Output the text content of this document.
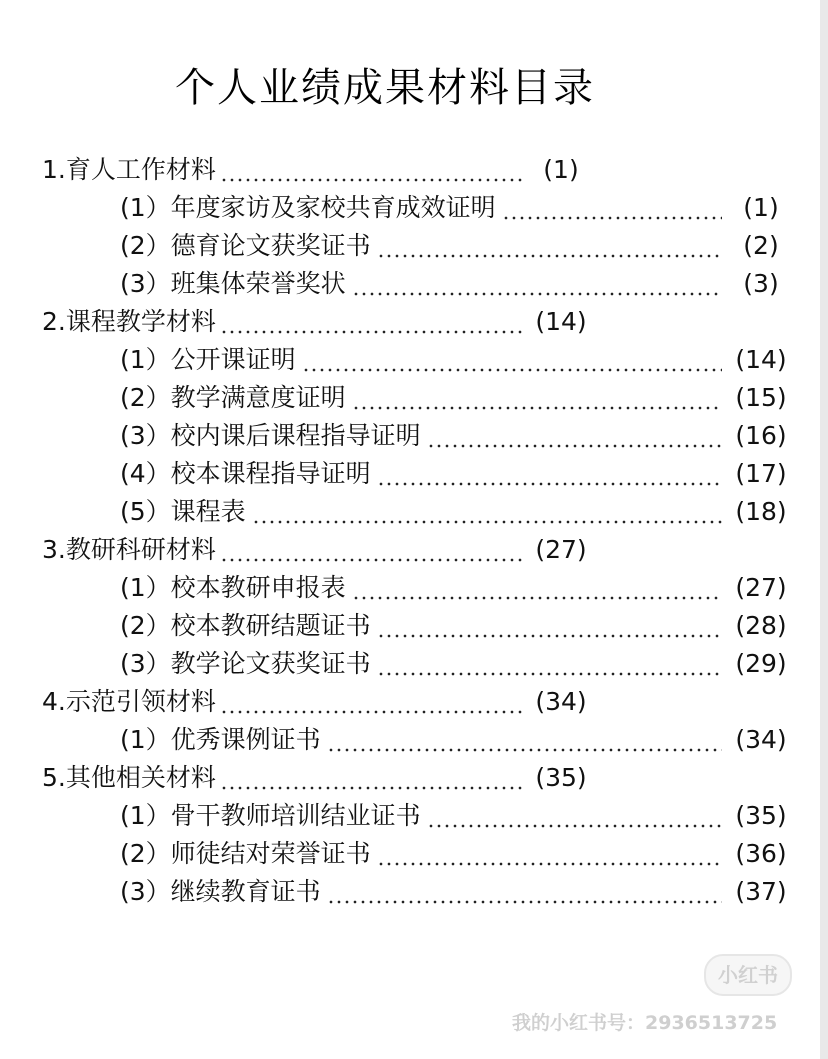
个人业绩成果材料目录
1.育人工作材料	(1)
(1）年度家访及家校共育成效证明	(1)
(2）德育论文获奖证书	(2)
(3）班集体荣誉奖状	(3)
2.课程教学材料	(14)
(1）公开课证明	(14)
(2）教学满意度证明	(15)
(3）校内课后课程指导证明	(16)
(4）校本课程指导证明	(17)
(5）课程表	(18)
3.教研科研材料	(27)
(1）校本教研申报表	(27)
(2）校本教研结题证书	(28)
(3）教学论文获奖证书	(29)
4.示范引领材料	(34)
(1）优秀课例证书	(34)
5.其他相关材料	(35)
(1）骨干教师培训结业证书	(35)
(2）师徒结对荣誉证书	(36)
(3）继续教育证书	(37)
小红书
我的小红书号：2936513725
